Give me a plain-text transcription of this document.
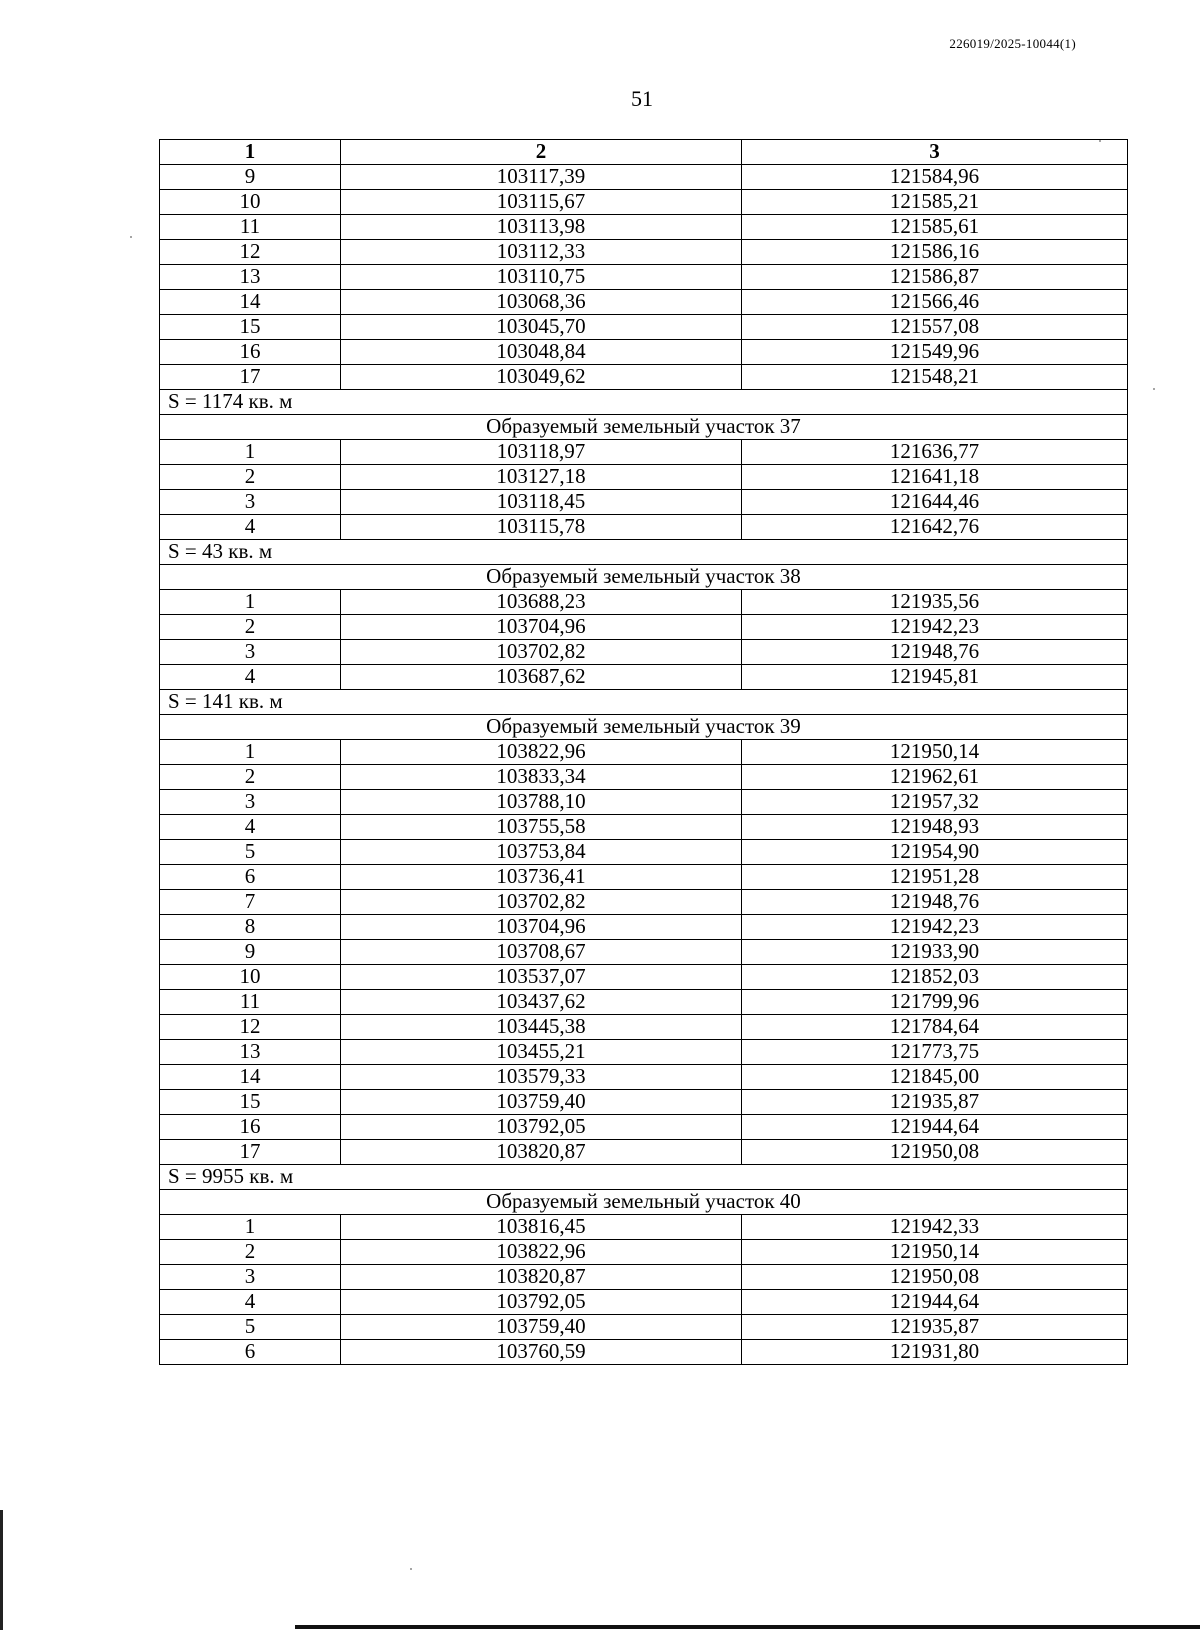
226019/2025-10044(1)
51
1	2	3
9	103117,39	121584,96
10	103115,67	121585,21
11	103113,98	121585,61
12	103112,33	121586,16
13	103110,75	121586,87
14	103068,36	121566,46
15	103045,70	121557,08
16	103048,84	121549,96
17	103049,62	121548,21
S = 1174 кв. м		
Образуемый земельный участок 37		
1	103118,97	121636,77
2	103127,18	121641,18
3	103118,45	121644,46
4	103115,78	121642,76
S = 43 кв. м		
Образуемый земельный участок 38		
1	103688,23	121935,56
2	103704,96	121942,23
3	103702,82	121948,76
4	103687,62	121945,81
S = 141 кв. м		
Образуемый земельный участок 39		
1	103822,96	121950,14
2	103833,34	121962,61
3	103788,10	121957,32
4	103755,58	121948,93
5	103753,84	121954,90
6	103736,41	121951,28
7	103702,82	121948,76
8	103704,96	121942,23
9	103708,67	121933,90
10	103537,07	121852,03
11	103437,62	121799,96
12	103445,38	121784,64
13	103455,21	121773,75
14	103579,33	121845,00
15	103759,40	121935,87
16	103792,05	121944,64
17	103820,87	121950,08
S = 9955 кв. м		
Образуемый земельный участок 40		
1	103816,45	121942,33
2	103822,96	121950,14
3	103820,87	121950,08
4	103792,05	121944,64
5	103759,40	121935,87
6	103760,59	121931,80
